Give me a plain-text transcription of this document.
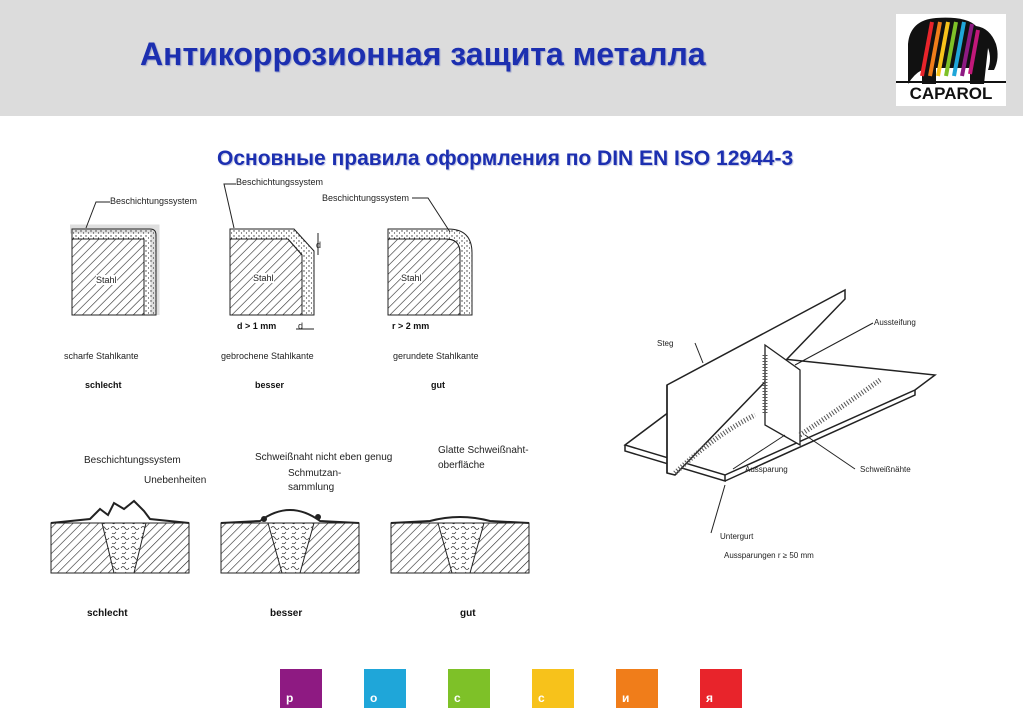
Антикоррозионная защита металла
CAPAROL
Основные правила оформления по DIN EN ISO 12944-3
Beschichtungssystem
Stahl
scharfe Stahlkante
schlecht
Beschichtungssystem
Stahl
d
d > 1 mm d
gebrochene Stahlkante
besser
Beschichtungssystem
Stahl
r > 2 mm
gerundete Stahlkante
gut
Beschichtungssystem
Unebenheiten
schlecht
Schweißnaht nicht eben genug
Schmutzan-
sammlung
besser
Glatte Schweißnaht-
oberfläche
gut
Steg
Aussteifung
Aussparung	Schweißnähte
Untergurt
Aussparungen r ≥ 50 mm
р	о	с	с	и	я
